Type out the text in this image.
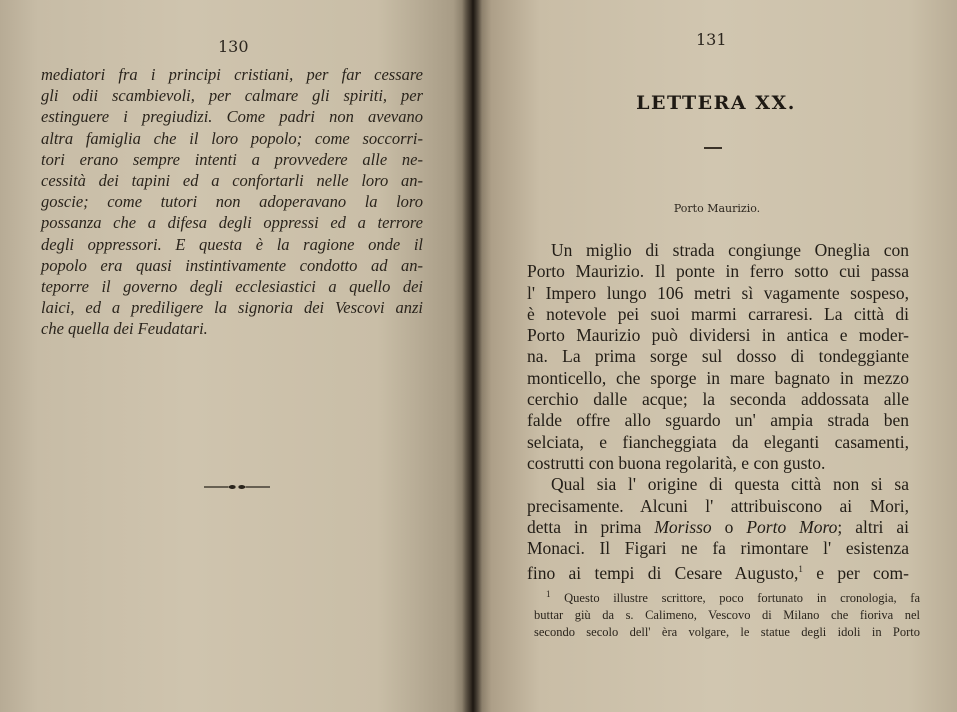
130
mediatori fra i principi cristiani, per far cessare
gli odii scambievoli, per calmare gli spiriti, per
estinguere i pregiudizi. Come padri non avevano
altra famiglia che il loro popolo; come soccorri-
tori erano sempre intenti a provvedere alle ne-
cessità dei tapini ed a confortarli nelle loro an-
goscie; come tutori non adoperavano la loro
possanza che a difesa degli oppressi ed a terrore
degli oppressori. E questa è la ragione onde il
popolo era quasi instintivamente condotto ad an-
teporre il governo degli ecclesiastici a quello dei
laici, ed a prediligere la signoria dei Vescovi anzi
che quella dei Feudatari.
131
LETTERA XX.
Porto Maurizio.
Un miglio di strada congiunge Oneglia con
Porto Maurizio. Il ponte in ferro sotto cui passa
l' Impero lungo 106 metri sì vagamente sospeso,
è notevole pei suoi marmi carraresi. La città di
Porto Maurizio può dividersi in antica e moder-
na. La prima sorge sul dosso di tondeggiante
monticello, che sporge in mare bagnato in mezzo
cerchio dalle acque; la seconda addossata alle
falde offre allo sguardo un' ampia strada ben
selciata, e fiancheggiata da eleganti casamenti,
costrutti con buona regolarità, e con gusto.
Qual sia l' origine di questa città non si sa
precisamente. Alcuni l' attribuiscono ai Mori,
detta in prima Morisso o Porto Moro; altri ai
Monaci. Il Figari ne fa rimontare l' esistenza
fino ai tempi di Cesare Augusto,$^1$ e per com-
$^1$ Questo illustre scrittore, poco fortunato in cronologia, fa
buttar giù da s. Calimeno, Vescovo di Milano che fioriva nel
secondo secolo dell' èra volgare, le statue degli idoli in Porto
